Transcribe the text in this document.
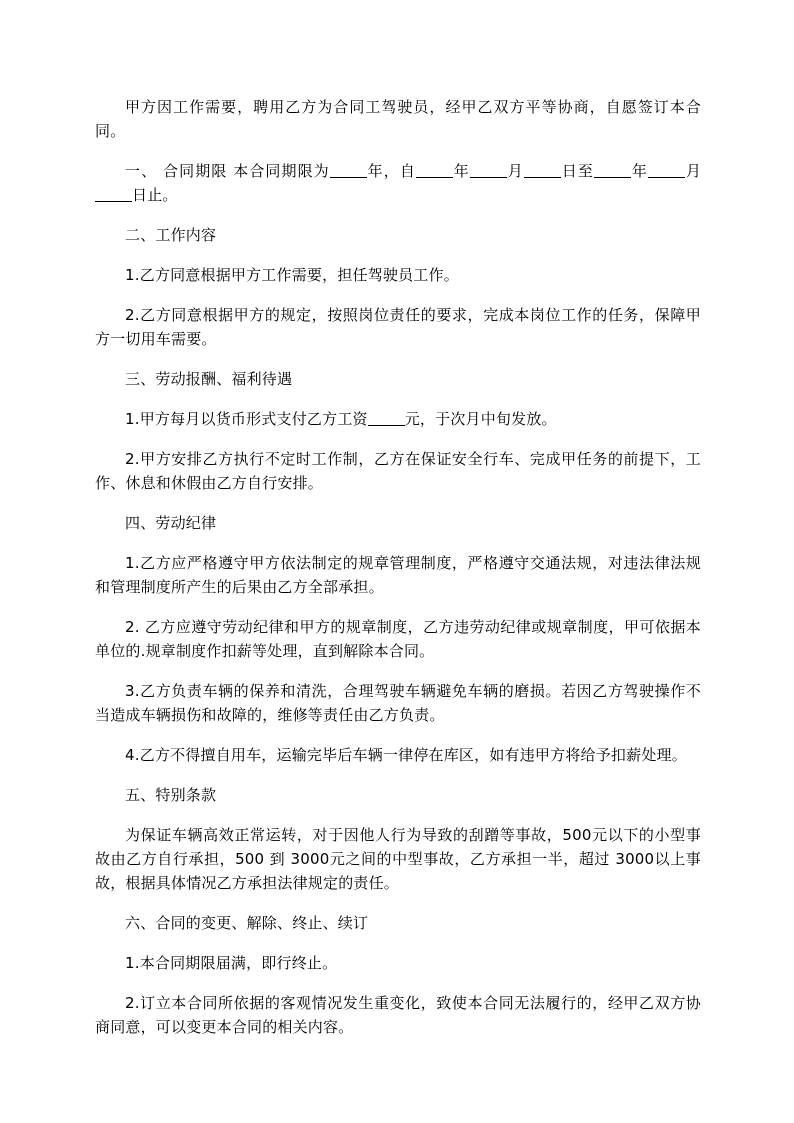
甲方因工作需要，聘用乙方为合同工驾驶员，经甲乙双方平等协商，自愿签订本合同。

一、 合同期限 本合同期限为 年，自 年 月 日至 年 月日止。

二、工作内容

1.乙方同意根据甲方工作需要，担任驾驶员工作。

2.乙方同意根据甲方的规定，按照岗位责任的要求，完成本岗位工作的任务，保障甲方一切用车需要。

三、劳动报酬、福利待遇

1.甲方每月以货币形式支付乙方工资 元，于次月中旬发放。

2.甲方安排乙方执行不定时工作制，乙方在保证安全行车、完成甲任务的前提下，工作、休息和休假由乙方自行安排。

四、劳动纪律

1.乙方应严格遵守甲方依法制定的规章管理制度，严格遵守交通法规，对违法律法规和管理制度所产生的后果由乙方全部承担。

2. 乙方应遵守劳动纪律和甲方的规章制度，乙方违劳动纪律或规章制度，甲可依据本单位的.规章制度作扣薪等处理，直到解除本合同。

3.乙方负责车辆的保养和清洗，合理驾驶车辆避免车辆的磨损。若因乙方驾驶操作不当造成车辆损伤和故障的，维修等责任由乙方负责。

4.乙方不得擅自用车，运输完毕后车辆一律停在库区，如有违甲方将给予扣薪处理。

五、特别条款

为保证车辆高效正常运转，对于因他人行为导致的刮蹭等事故，500元以下的小型事故由乙方自行承担，500 到 3000元之间的中型事故，乙方承担一半，超过 3000以上事故，根据具体情况乙方承担法律规定的责任。

六、合同的变更、解除、终止、续订

1.本合同期限届满，即行终止。

2.订立本合同所依据的客观情况发生重变化，致使本合同无法履行的，经甲乙双方协商同意，可以变更本合同的相关内容。
